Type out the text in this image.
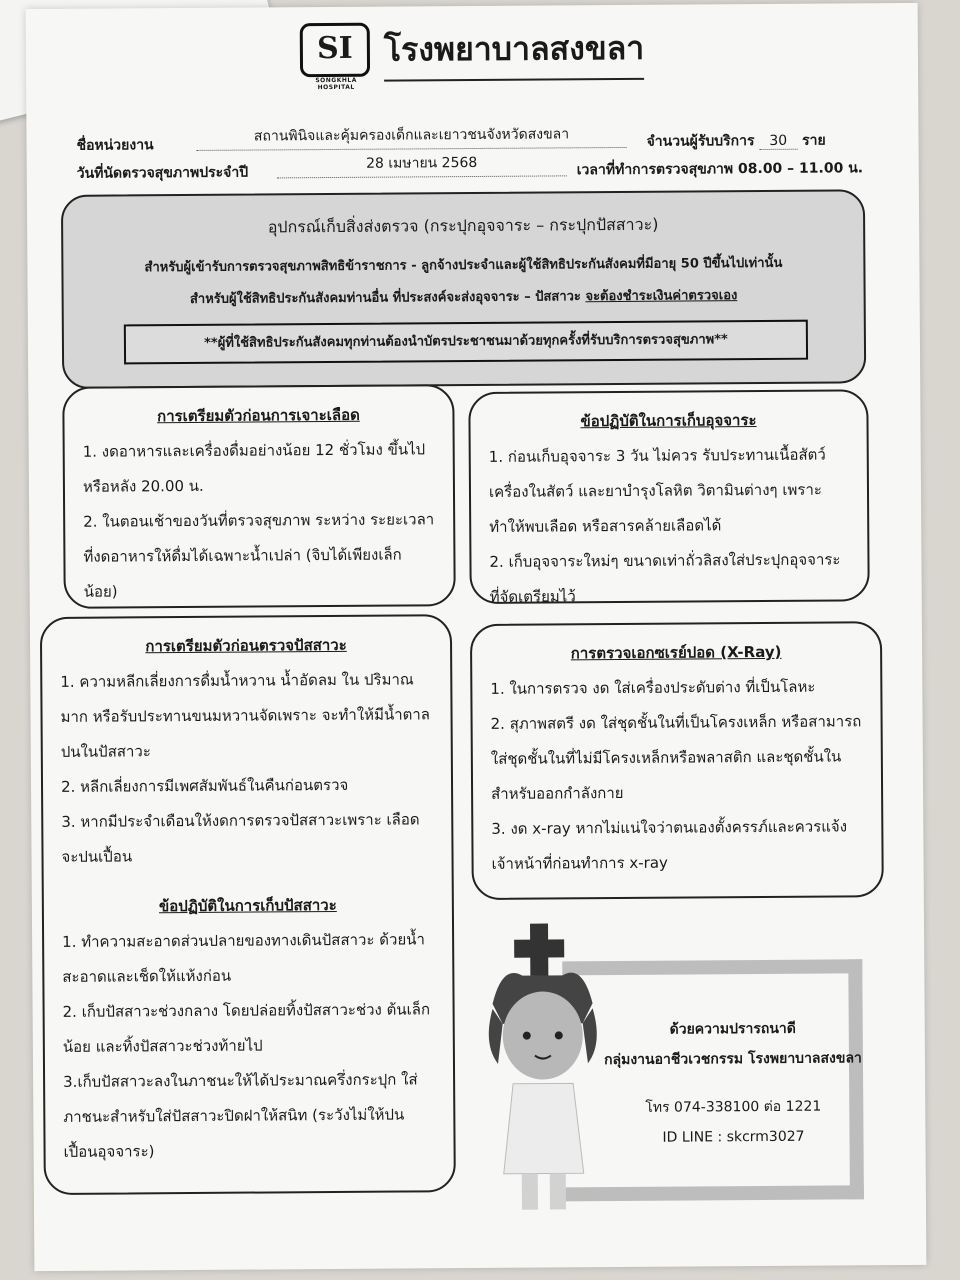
SI
SONGKHLA HOSPITAL
โรงพยาบาลสงขลา
ชื่อหน่วยงาน
สถานพินิจและคุ้มครองเด็กและเยาวชนจังหวัดสงขลา	จำนวนผู้รับบริการ 30 ราย
วันที่นัดตรวจสุขภาพประจำปี
28 เมษายน 2568	เวลาที่ทำการตรวจสุขภาพ 08.00 – 11.00 น.
อุปกรณ์เก็บสิ่งส่งตรวจ (กระปุกอุจจาระ – กระปุกปัสสาวะ)
สำหรับผู้เข้ารับการตรวจสุขภาพสิทธิข้าราชการ - ลูกจ้างประจำและผู้ใช้สิทธิประกันสังคมที่มีอายุ 50 ปีขึ้นไปเท่านั้น
สำหรับผู้ใช้สิทธิประกันสังคมท่านอื่น ที่ประสงค์จะส่งอุจจาระ – ปัสสาวะ จะต้องชำระเงินค่าตรวจเอง
**ผู้ที่ใช้สิทธิประกันสังคมทุกท่านต้องนำบัตรประชาชนมาด้วยทุกครั้งที่รับบริการตรวจสุขภาพ**
การเตรียมตัวก่อนการเจาะเลือด

1. งดอาหารและเครื่องดื่มอย่างน้อย 12 ชั่วโมง ขึ้นไป หรือหลัง 20.00 น.

2. ในตอนเช้าของวันที่ตรวจสุขภาพ ระหว่าง ระยะเวลาที่งดอาหารให้ดื่มได้เฉพาะน้ำเปล่า (จิบได้เพียงเล็กน้อย)

ข้อปฏิบัติในการเก็บอุจจาระ

1. ก่อนเก็บอุจจาระ 3 วัน ไม่ควร รับประทานเนื้อสัตว์ เครื่องในสัตว์ และยาบำรุงโลหิต วิตามินต่างๆ เพราะทำให้พบเลือด หรือสารคล้ายเลือดได้

2. เก็บอุจจาระใหม่ๆ ขนาดเท่าถั่วลิสงใส่ประปุกอุจจาระที่จัดเตรียมไว้

การเตรียมตัวก่อนตรวจปัสสาวะ

1. ความหลีกเลี่ยงการดื่มน้ำหวาน น้ำอัดลม ใน ปริมาณมาก หรือรับประทานขนมหวานจัดเพราะ จะทำให้มีน้ำตาล ปนในปัสสาวะ

2. หลีกเลี่ยงการมีเพศสัมพันธ์ในคืนก่อนตรวจ

3. หากมีประจำเดือนให้งดการตรวจปัสสาวะเพราะ เลือดจะปนเปื้อน

ข้อปฏิบัติในการเก็บปัสสาวะ

1. ทำความสะอาดส่วนปลายของทางเดินปัสสาวะ ด้วยน้ำสะอาดและเช็ดให้แห้งก่อน

2. เก็บปัสสาวะช่วงกลาง โดยปล่อยทิ้งปัสสาวะช่วง ต้นเล็กน้อย และทิ้งปัสสาวะช่วงท้ายไป

3.เก็บปัสสาวะลงในภาชนะให้ได้ประมาณครึ่งกระปุก ใส่ภาชนะสำหรับใส่ปัสสาวะปิดฝาให้สนิท (ระวังไม่ให้ปนเปื้อนอุจจาระ)

การตรวจเอกซเรย์ปอด (X-Ray)

1. ในการตรวจ งด ใส่เครื่องประดับต่าง ที่เป็นโลหะ

2. สุภาพสตรี งด ใส่ชุดชั้นในที่เป็นโครงเหล็ก หรือสามารถใส่ชุดชั้นในที่ไม่มีโครงเหล็กหรือพลาสติก และชุดชั้นในสำหรับออกกำลังกาย

3. งด x-ray หากไม่แน่ใจว่าตนเองตั้งครรภ์และควรแจ้งเจ้าหน้าที่ก่อนทำการ x-ray

ด้วยความปรารถนาดี
กลุ่มงานอาชีวเวชกรรม โรงพยาบาลสงขลา
โทร 074-338100 ต่อ 1221
ID LINE : skcrm3027
